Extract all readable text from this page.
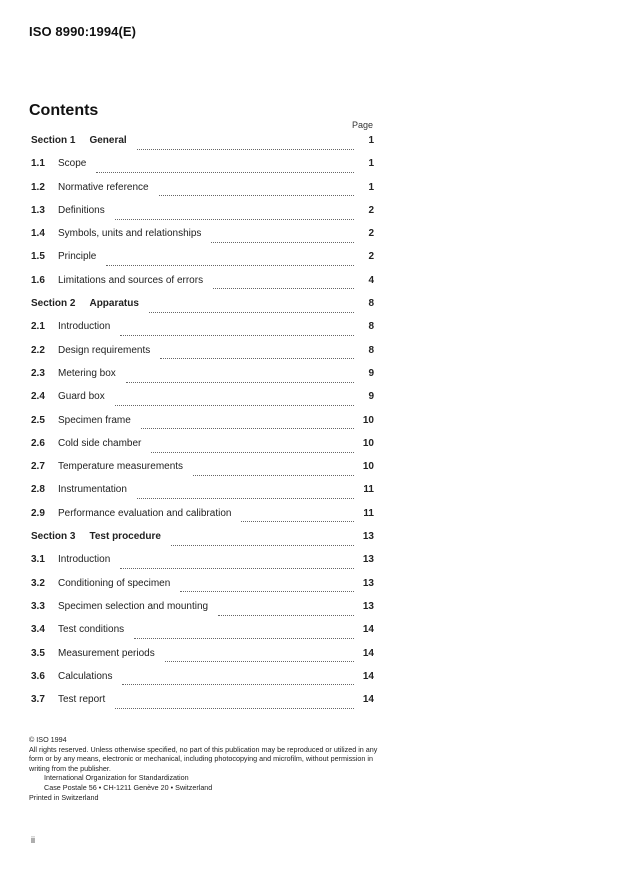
ISO 8990:1994(E)
Contents
Page
Section 1 General	1
1.1	Scope	1
1.2	Normative reference	1
1.3	Definitions	2
1.4	Symbols, units and relationships	2
1.5	Principle	2
1.6	Limitations and sources of errors	4
Section 2 Apparatus	8
2.1	Introduction	8
2.2	Design requirements	8
2.3	Metering box	9
2.4	Guard box	9
2.5	Specimen frame	10
2.6	Cold side chamber	10
2.7	Temperature measurements	10
2.8	Instrumentation	11
2.9	Performance evaluation and calibration	11
Section 3 Test procedure	13
3.1	Introduction	13
3.2	Conditioning of specimen	13
3.3	Specimen selection and mounting	13
3.4	Test conditions	14
3.5	Measurement periods	14
3.6	Calculations	14
3.7	Test report	14
© ISO 1994
All rights reserved. Unless otherwise specified, no part of this publication may be reproduced or utilized in any form or by any means, electronic or mechanical, including photocopying and microfilm, without permission in writing from the publisher.
International Organization for Standardization
Case Postale 56 • CH-1211 Genève 20 • Switzerland
Printed in Switzerland
ii
